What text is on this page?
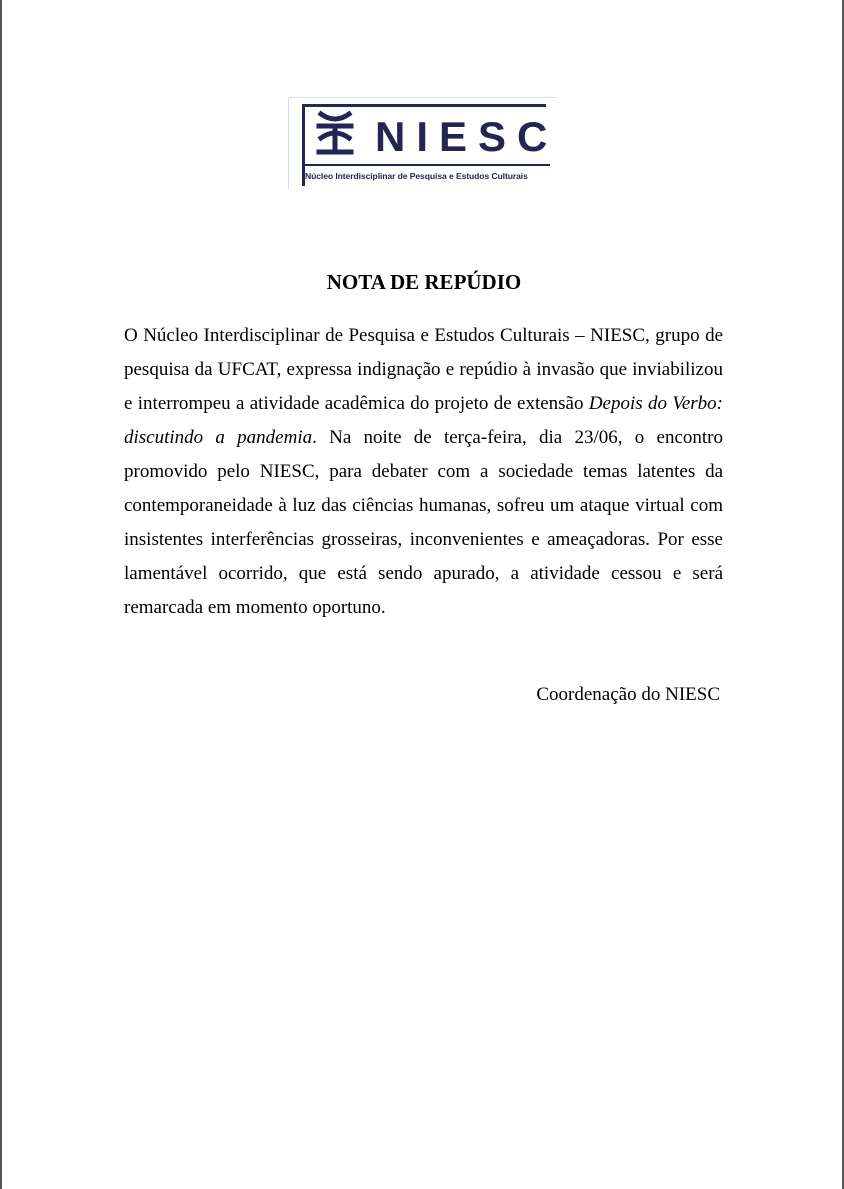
NIESC
Núcleo Interdisciplinar de Pesquisa e Estudos Culturais
NOTA DE REPÚDIO

O Núcleo Interdisciplinar de Pesquisa e Estudos Culturais – NIESC, grupo de pesquisa da UFCAT, expressa indignação e repúdio à invasão que inviabilizou e interrompeu a atividade acadêmica do projeto de extensão Depois do Verbo: discutindo a pandemia. Na noite de terça-feira, dia 23/06, o encontro promovido pelo NIESC, para debater com a sociedade temas latentes da contemporaneidade à luz das ciências humanas, sofreu um ataque virtual com insistentes interferências grosseiras, inconvenientes e ameaçadoras. Por esse lamentável ocorrido, que está sendo apurado, a atividade cessou e será remarcada em momento oportuno.

Coordenação do NIESC
